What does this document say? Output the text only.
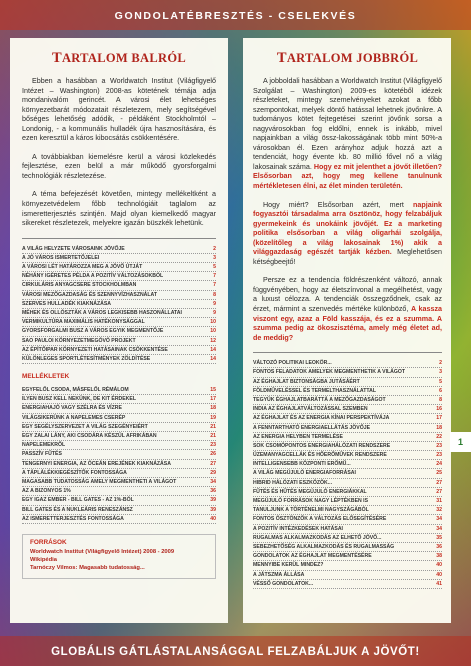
GONDOLATÉBRESZTÉS - CSELEKVÉS
TARTALOM BALRÓL

Ebben a hasábban a Worldwatch Institut (Világfigyelő Intézet – Washington) 2008-as kötetének témája adja mondanivalóm gerincét. A városi élet lehetséges környezetbarát módozatait részletezem, mely segítségével bőséges lehetőség adódik, - példáként Stockholmtól – Londonig, - a kommunális hulladék újra hasznosítására, és ezen keresztül a káros kibocsátás csökkentésére.

A továbbiakban kiemelésre kerül a városi közlekedés fejlesztése, ezen belül a már működő gyorsforgalmi technológiák részletezése.

A téma befejezését követően, mintegy mellékeltként a környezetvédelem főbb technológiáit taglalom az ismeretterjesztés szintjén. Majd olyan kiemelkedő magyar sikereket részletezek, melyekre igazán büszkék lehetünk.

A VILÁG HELYZETE VÁROSAINK JÖVŐJE	2
A JÓ VÁROS ISMERTETŐJELEI	3
A VÁROSI LÉT HATÁROZZA MEG A JÖVŐ ÚTJÁT	5
NÉHÁNY IGÉRETES PÉLDA A POZITÍV VÁLTOZÁSOKBÓL	7
CIRKULÁRIS ANYAGCSERE STOCKHOLMBAN	7
VÁROSI MEZŐGAZDASÁG ÉS SZENNYVÍZHASZNÁLAT	8
SZERVES HULLADÉK KIAKNÁZÁSA	9
MÉHEK ÉS OLLÓSZTÁK A VÁROS LEGKISEBB HASZONÁLLATAI	9
VERMIKULTÚRA MAXIMÁLIS HATÉKONYSÁGGAL	10
GYORSFORGALMI BUSZ A VÁROS EGYIK MEGMENTŐJE	10
SAO PAULOI KÖRNYEZETMEGÓVÓ PROJEKT	12
AZ ÉPÍTŐIPAR KÖRNYEZETI HATÁSAINAK CSÖKKENTÉSE	14
KÜLÖNLEGES SPORTLÉTESÍTMÉNYEK ZÖLDÍTÉSE	14
MELLÉKLETEK
EGYFELŐL CSODA, MÁSFELŐL RÉMÁLOM	15
ILYEN BUSZ KELL NEKÜNK, DE KIT ÉRDEKEL	17
ENERGIAHAJÓ VAGY SZÉLRA ÉS VÍZRE	18
VILÁGSIKERÜNK A NAPELEMES CSERÉP	19
EGY SEGÉLYSZERVEZET A VILÁG SZEGÉNYEIÉRT	21
EGY ZALAI LÁNY, AKI CSODÁRA KÉSZÜL AFRIKÁBAN	21
NAPELEMEKRŐL	23
PASSZÍV FŰTÉS	26
TENGERNYI ENERGIA, AZ ÓCEÁN EREJÉNEK KIAKNÁZÁSA	27
A TÁPLÁLÉKKIEGÉSZÍTŐK FONTOSSÁGA	29
MAGASABB TUDATOSSÁG AMELY MEGMENTHETI A VILÁGOT	34
AZ A BIZONYOS 1%	36
EGY IGAZ EMBER - BILL GATES - AZ 1%-BÓL	39
BILL GATES ÉS A NUKLEÁRIS RENESZÁNSZ	39
AZ ISMERETTERJESZTÉS FONTOSSÁGA	40
FORRÁSOK
Worldwatch Institut (Világfigyelő Intézet) 2008 - 2009
Wikipédia
Tarnóczy Vilmos: Magasabb tudatosság...
TARTALOM JOBBRÓL

A jobboldali hasábban a Worldwatch Institut (Világfigyelő Szolgálat – Washington) 2009-es kötetéből idézek részleteket, mintegy szemelvényeket azokat a főbb szempontokat, melyek döntő hatással lehetnek jövőnkre. A tudományos kötet fejtegetései szerint jövőnk sorsa a nagyvárosokban fog eldőlni, ennek is inkább, mivel napjainkban a világ össz-lakosságának több mint 50%-a városokban él. Ezen arányhoz adjuk hozzá azt a tendenciát, hogy évente kb. 80 millió fővel nő a világ lakosainak száma. Hogy ez mit jelenthet a jövőt illetően? Elsősorban azt, hogy meg kellene tanulnunk mértékletesen élni, az élet minden területén.

Hogy miért? Elsősorban azért, mert napjaink fogyasztói társadalma arra ösztönöz, hogy felzabáljuk gyermekeink és unokáink jövőjét. Ez a marketing politika elsősorban a világ oligarhái szolgálja, (közelítőleg a világ lakosainak 1%) akik a világgazdaság egészét tartják kézben. Meglehetősen kétségbeejtő!

Persze ez a tendencia földrészenként változó, annak függvényében, hogy az életszínvonal a megélhetést, vagy a luxust célozza. A tendenciák összegződnek, csak az érzet, mármint a szenvedés mértéke különböző, A kassza viszont egy, azaz a Föld kasszája, és ez a szumma. A szumma pedig az ökoszisztéma, amely még életet ad, de meddig?

VÁLTOZÓ POLITIKAI LEOKÖR...	2
FONTOS FELADATOK AMELYEK MEGMENTHETIK A VILÁGOT	3
AZ ÉGHAJLAT BIZTONSÁGBA JUTÁSÁÉRT	5
FÖLDMŰVELÉSSEL ÉS TERMELTHASZNÁLATTAL	6
TEGYÜK ÉGHAJLATBARÁTTÁ A MEZŐGAZDASÁGOT	8
INDIA AZ ÉGHAJLATVÁLTOZÁSSAL SZEMBEN	16
AZ ÉGHAJLAT ÉS AZ ENERGIA KÍNAI PERSPEKTÍVÁJA	17
A FENNTARTHATÓ ENERGIAELLÁTÁS JÖVŐJE	18
AZ ENERGIA HELYBEN TERMELÉSE	22
SOK CSOMÓPONTOS ENERGIAHÁLÓZATI RENDSZERE	23
ÜZEMANYAGCELLÁK ÉS HŐERŐMŰVEK RENDSZERE	23
INTELLIGENSEBB KÖZPONTI ERŐMŰ...	24
A VILÁG MEGÚJULÓ ENERGIAFORRÁSAI	25
HIBRID HÁLÓZATI ESZKÖZÖK...	27
FŰTÉS ÉS HŰTÉS MEGÚJULÓ ENERGIÁKKAL	27
MEGÚJULÓ FORRÁSOK NAGY LÉPTÉKBEN IS	31
TANULJUNK A TÖRTÉNELMI NAGYSZÁGÁBÓL	32
FONTOS ÖSZTÖNZŐK A VÁLTOZÁS ELŐSEGÍTÉSÉRE	34
A POZITÍV INTÉZKEDÉSEK HATÁSAI	34
RUGALMAS ALKALMAZKODÁS AZ ELHETŐ JÖVŐ...	35
SEBEZHETŐSÉG ALKALMAZKODÁS ÉS RUGALMASSÁG	36
GONDOLATOK AZ ÉGHAJLAT MEGMENTÉSÉRE	38
MENNYIBE KERÜL MINDEZ?	40
A JÁTSZMA ÁLLÁSA	40
VÉSSŐ GONDOLATOK...	41
1
GLOBÁLIS GÁTLÁSTALANSÁGGAL FELZABÁLJUK A JÖVŐT!
